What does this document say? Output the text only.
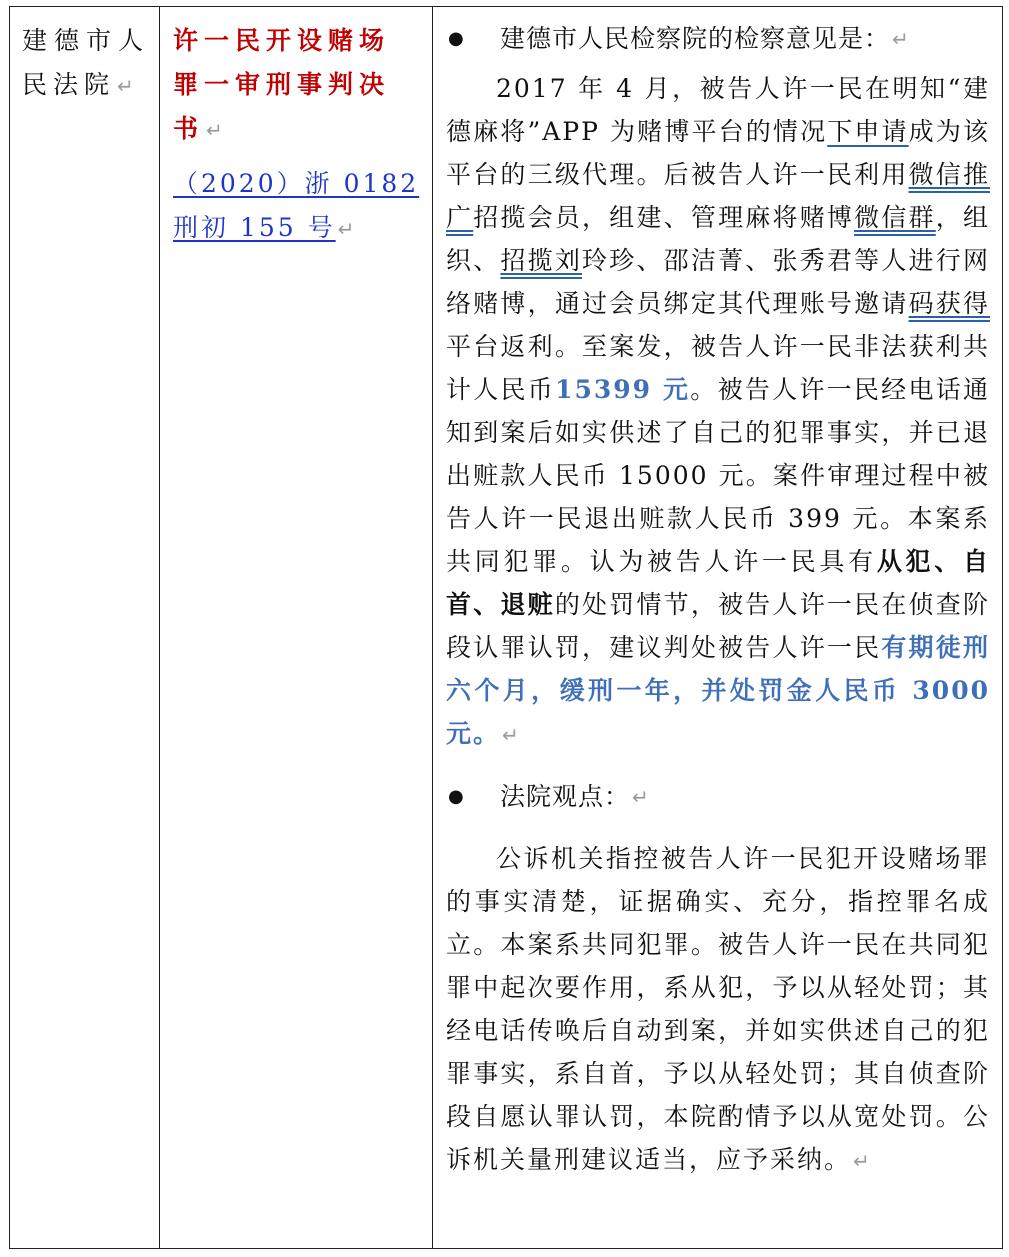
建德市人民法院 ↵
许一民开设赌场罪一审刑事判决书 ↵
（2020）浙 0182 刑初 155 号 ↵
●	建德市人民检察院的检察意见是： ↵

2017 年 4 月，被告人许一民在明知“建德麻将”APP 为赌博平台的情况下申请成为该平台的三级代理。后被告人许一民利用微信推广招揽会员，组建、管理麻将赌博微信群，组织、招揽刘玲珍、邵洁菁、张秀君等人进行网络赌博，通过会员绑定其代理账号邀请码获得平台返利。至案发，被告人许一民非法获利共计人民币15399 元。被告人许一民经电话通知到案后如实供述了自己的犯罪事实，并已退出赃款人民币 15000 元。案件审理过程中被告人许一民退出赃款人民币 399 元。本案系共同犯罪。认为被告人许一民具有从犯、自首、退赃的处罚情节，被告人许一民在侦查阶段认罪认罚，建议判处被告人许一民有期徒刑六个月，缓刑一年，并处罚金人民币 3000 元。 ↵

●	法院观点： ↵

公诉机关指控被告人许一民犯开设赌场罪的事实清楚，证据确实、充分，指控罪名成立。本案系共同犯罪。被告人许一民在共同犯罪中起次要作用，系从犯，予以从轻处罚；其经电话传唤后自动到案，并如实供述自己的犯罪事实，系自首，予以从轻处罚；其自侦查阶段自愿认罪认罚，本院酌情予以从宽处罚。公诉机关量刑建议适当，应予采纳。 ↵
